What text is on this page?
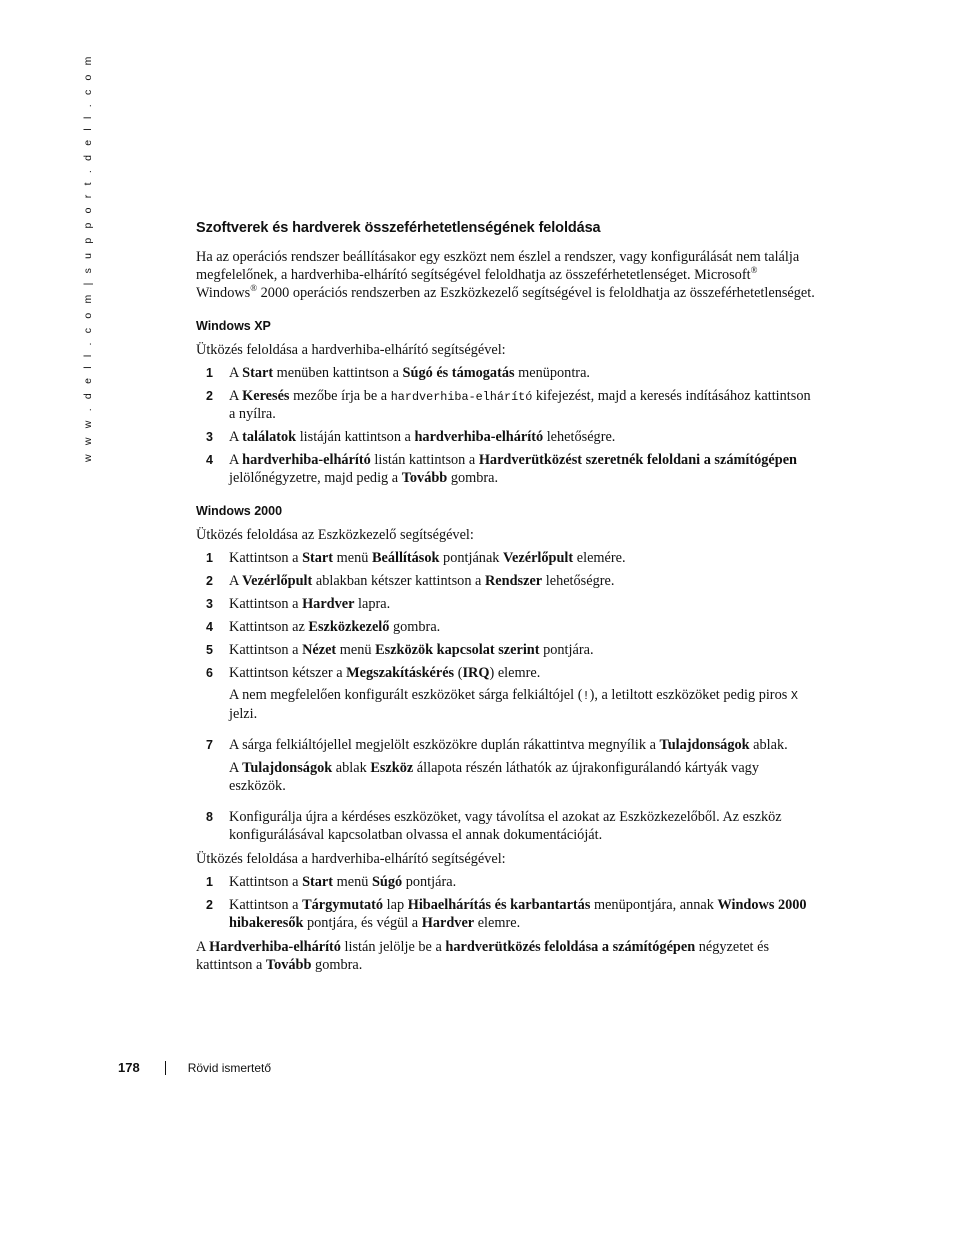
w w w . d e l l . c o m | s u p p o r t . d e l l . c o m	Szoftverek és hardverek összeférhetetlenségének feloldása

Ha az operációs rendszer beállításakor egy eszközt nem észlel a rendszer, vagy konfigurálását nem találja megfelelőnek, a hardverhiba-elhárító segítségével feloldhatja az összeférhetetlenséget. Microsoft® Windows® 2000 operációs rendszerben az Eszközkezelő segítségével is feloldhatja az összeférhetetlenséget.

Windows XP

Ütközés feloldása a hardverhiba-elhárító segítségével:

1 A Start menüben kattintson a Súgó és támogatás menüpontra.
2 A Keresés mezőbe írja be a hardverhiba-elhárító kifejezést, majd a keresés indításához kattintson a nyílra.
3 A találatok listáján kattintson a hardverhiba-elhárító lehetőségre.
4 A hardverhiba-elhárító listán kattintson a Hardverütközést szeretnék feloldani a számítógépen jelölőnégyzetre, majd pedig a Tovább gombra.
Windows 2000

Ütközés feloldása az Eszközkezelő segítségével:

1 Kattintson a Start menü Beállítások pontjának Vezérlőpult elemére.
2 A Vezérlőpult ablakban kétszer kattintson a Rendszer lehetőségre.
3 Kattintson a Hardver lapra.
4 Kattintson az Eszközkezelő gombra.
5 Kattintson a Nézet menü Eszközök kapcsolat szerint pontjára.
6 Kattintson kétszer a Megszakításkérés (IRQ) elemre.
A nem megfelelően konfigurált eszközöket sárga felkiáltójel (!), a letiltott eszközöket pedig piros X jelzi.
7 A sárga felkiáltójellel megjelölt eszközökre duplán rákattintva megnyílik a Tulajdonságok ablak.
A Tulajdonságok ablak Eszköz állapota részén láthatók az újrakonfigurálandó kártyák vagy eszközök.
8 Konfigurálja újra a kérdéses eszközöket, vagy távolítsa el azokat az Eszközkezelőből. Az eszköz konfigurálásával kapcsolatban olvassa el annak dokumentációját.

Ütközés feloldása a hardverhiba-elhárító segítségével:

1 Kattintson a Start menü Súgó pontjára.
2 Kattintson a Tárgymutató lap Hibaelhárítás és karbantartás menüpontjára, annak Windows 2000 hibakeresők pontjára, és végül a Hardver elemre.

A Hardverhiba-elhárító listán jelölje be a hardverütközés feloldása a számítógépen négyzetet és kattintson a Tovább gombra.

178	Rövid ismertető
